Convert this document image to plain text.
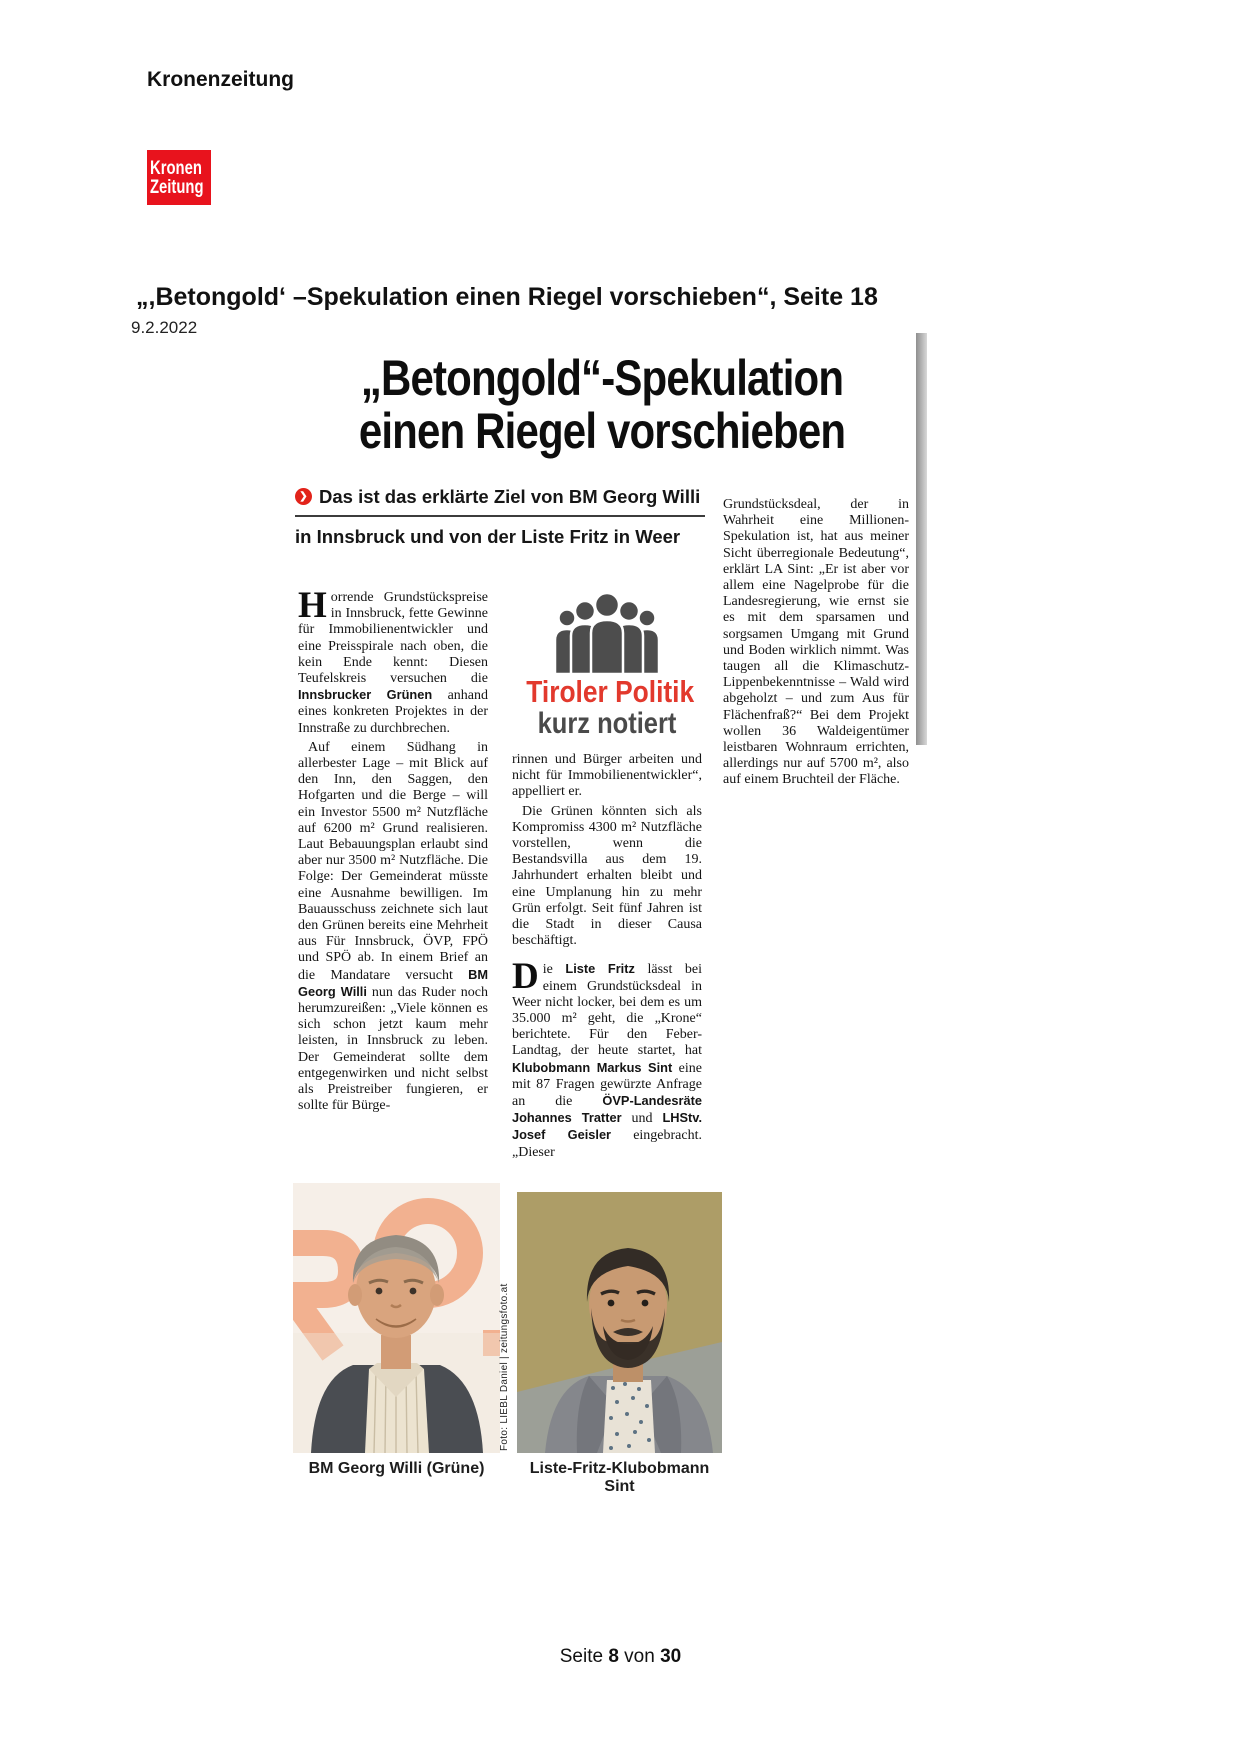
Kronenzeitung
Kronen
Zeitung
„,Betongold‘ –Spekulation einen Riegel vorschieben“, Seite 18
9.2.2022
„Betongold“-Spekulation
einen Riegel vorschieben
❯ Das ist das erklärte Ziel von BM Georg Willi
in Innsbruck und von der Liste Fritz in Weer

Horrende Grundstückspreise in Innsbruck, fette Gewinne für Immobilienentwickler und eine Preisspirale nach oben, die kein Ende kennt: Diesen Teufelskreis versuchen die Innsbrucker Grünen anhand eines konkreten Projektes in der Innstraße zu durchbrechen.

Auf einem Südhang in allerbester Lage – mit Blick auf den Inn, den Saggen, den Hofgarten und die Berge – will ein Investor 5500 m² Nutzfläche auf 6200 m² Grund realisieren. Laut Bebauungsplan erlaubt sind aber nur 3500 m² Nutzfläche. Die Folge: Der Gemeinderat müsste eine Ausnahme bewilligen. Im Bauausschuss zeichnete sich laut den Grünen bereits eine Mehrheit aus Für Innsbruck, ÖVP, FPÖ und SPÖ ab. In einem Brief an die Mandatare versucht BM Georg Willi nun das Ruder noch herumzureißen: „Viele können es sich schon jetzt kaum mehr leisten, in Innsbruck zu leben. Der Gemeinderat sollte dem entgegenwirken und nicht selbst als Preistreiber fungieren, er sollte für Bürge-

Tiroler Politik
kurz notiert

rinnen und Bürger arbeiten und nicht für Immobilienentwickler“, appelliert er.

Die Grünen könnten sich als Kompromiss 4300 m² Nutzfläche vorstellen, wenn die Bestandsvilla aus dem 19. Jahrhundert erhalten bleibt und eine Umplanung hin zu mehr Grün erfolgt. Seit fünf Jahren ist die Stadt in dieser Causa beschäftigt.

Die Liste Fritz lässt bei einem Grundstücksdeal in Weer nicht locker, bei dem es um 35.000 m² geht, die „Krone“ berichtete. Für den Feber-Landtag, der heute startet, hat Klubobmann Markus Sint eine mit 87 Fragen gewürzte Anfrage an die ÖVP-Landesräte Johannes Tratter und LHStv. Josef Geisler eingebracht. „Dieser

Grundstücksdeal, der in Wahrheit eine Millionen-Spekulation ist, hat aus meiner Sicht überregionale Bedeutung“, erklärt LA Sint: „Er ist aber vor allem eine Nagelprobe für die Landesregierung, wie ernst sie es mit dem sparsamen und sorgsamen Umgang mit Grund und Boden wirklich nimmt. Was taugen all die Klimaschutz-Lippenbekenntnisse – Wald wird abgeholzt – und zum Aus für Flächenfraß?“ Bei dem Projekt wollen 36 Waldeigentümer leistbaren Wohnraum errichten, allerdings nur auf 5700 m², also auf einem Bruchteil der Fläche.

Foto: LIEBL Daniel | zeitungsfoto.at
BM Georg Willi (Grüne)	Liste-Fritz-Klubobmann Sint
Seite 8 von 30
